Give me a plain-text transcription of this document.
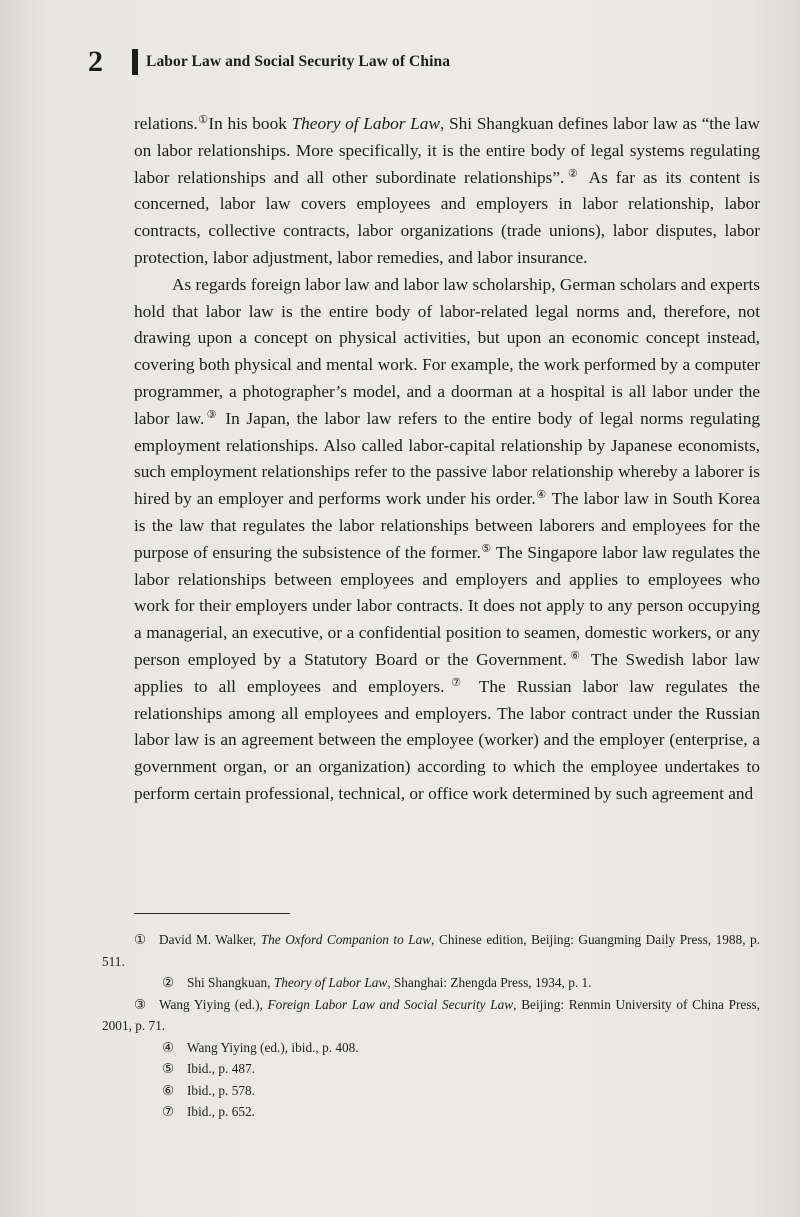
2	Labor Law and Social Security Law of China

relations.①In his book Theory of Labor Law, Shi Shangkuan defines labor law as “the law on labor relationships. More specifically, it is the entire body of legal systems regulating labor relationships and all other subordinate relationships”.② As far as its content is concerned, labor law covers employees and employers in labor relationship, labor contracts, collective contracts, labor organizations (trade unions), labor disputes, labor protection, labor adjustment, labor remedies, and labor insurance.

As regards foreign labor law and labor law scholarship, German scholars and experts hold that labor law is the entire body of labor-related legal norms and, therefore, not drawing upon a concept on physical activities, but upon an economic concept instead, covering both physical and mental work. For example, the work performed by a computer programmer, a photographer’s model, and a doorman at a hospital is all labor under the labor law.③ In Japan, the labor law refers to the entire body of legal norms regulating employment relationships. Also called labor-capital relationship by Japanese economists, such employment relationships refer to the passive labor relationship whereby a laborer is hired by an employer and performs work under his order.④ The labor law in South Korea is the law that regulates the labor relationships between laborers and employees for the purpose of ensuring the subsistence of the former.⑤ The Singapore labor law regulates the labor relationships between employees and employers and applies to employees who work for their employers under labor contracts. It does not apply to any person occupying a managerial, an executive, or a confidential position to seamen, domestic workers, or any person employed by a Statutory Board or the Government.⑥ The Swedish labor law applies to all employees and employers.⑦ The Russian labor law regulates the relationships among all employees and employers. The labor contract under the Russian labor law is an agreement between the employee (worker) and the employer (enterprise, a government organ, or an organization) according to which the employee undertakes to perform certain professional, technical, or office work determined by such agreement and

① David M. Walker, The Oxford Companion to Law, Chinese edition, Beijing: Guangming Daily Press, 1988, p. 511.

② Shi Shangkuan, Theory of Labor Law, Shanghai: Zhengda Press, 1934, p. 1.

③ Wang Yiying (ed.), Foreign Labor Law and Social Security Law, Beijing: Renmin University of China Press, 2001, p. 71.

④ Wang Yiying (ed.), ibid., p. 408.

⑤ Ibid., p. 487.

⑥ Ibid., p. 578.

⑦ Ibid., p. 652.
